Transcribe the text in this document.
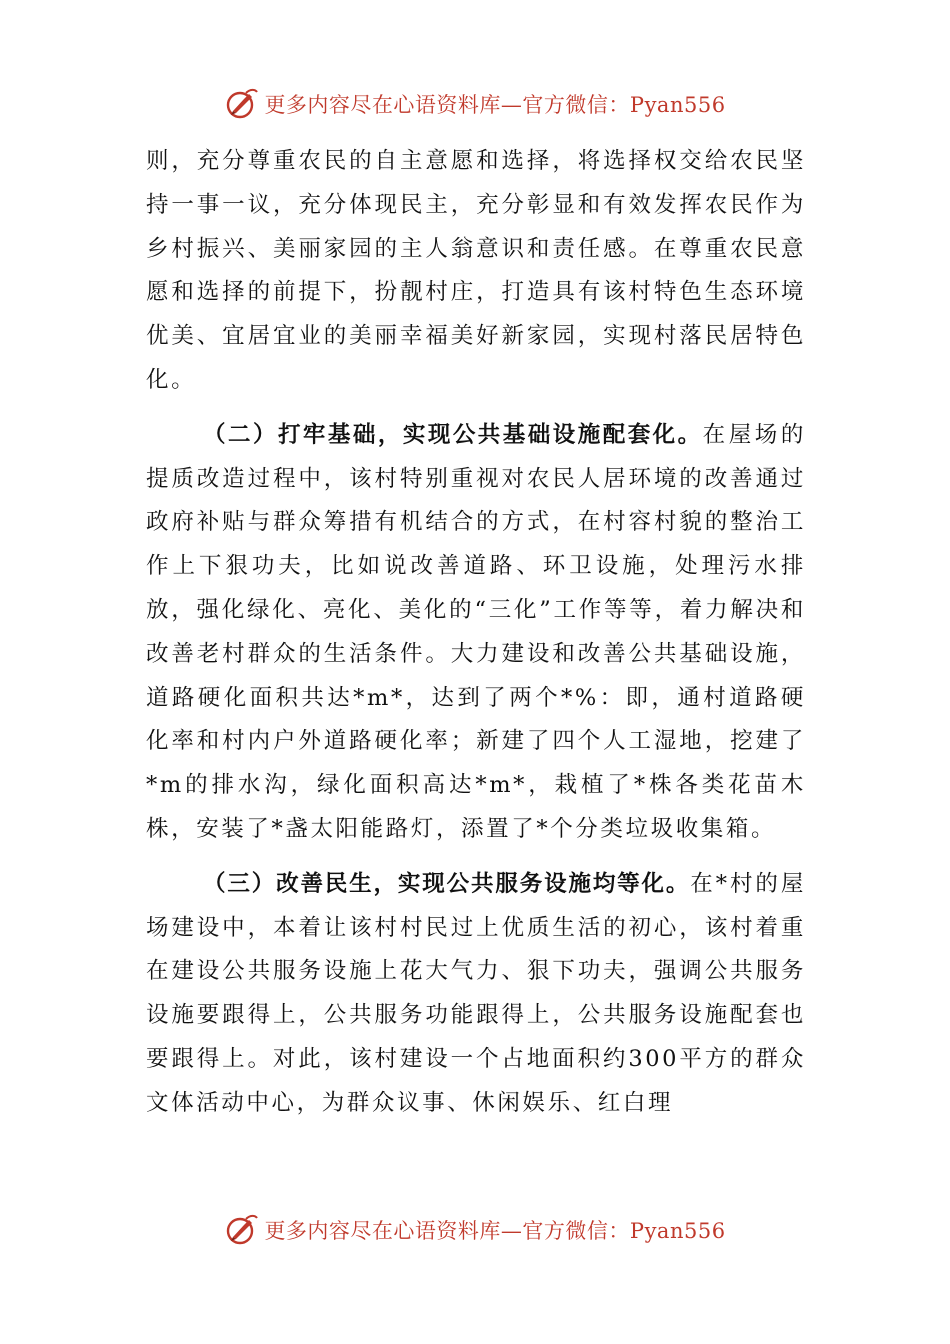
更多内容尽在心语资料库—官方微信：Pyan556

则，充分尊重农民的自主意愿和选择，将选择权交给农民坚持一事一议，充分体现民主，充分彰显和有效发挥农民作为乡村振兴、美丽家园的主人翁意识和责任感。在尊重农民意愿和选择的前提下，扮靓村庄，打造具有该村特色生态环境优美、宜居宜业的美丽幸福美好新家园，实现村落民居特色化。

（二）打牢基础，实现公共基础设施配套化。在屋场的提质改造过程中，该村特别重视对农民人居环境的改善通过政府补贴与群众筹措有机结合的方式，在村容村貌的整治工作上下狠功夫，比如说改善道路、环卫设施，处理污水排放，强化绿化、亮化、美化的“三化”工作等等，着力解决和改善老村群众的生活条件。大力建设和改善公共基础设施，道路硬化面积共达*m*，达到了两个*%：即，通村道路硬化率和村内户外道路硬化率；新建了四个人工湿地，挖建了*m的排水沟，绿化面积高达*m*，栽植了*株各类花苗木株，安装了*盏太阳能路灯，添置了*个分类垃圾收集箱。

（三）改善民生，实现公共服务设施均等化。在*村的屋场建设中，本着让该村村民过上优质生活的初心，该村着重在建设公共服务设施上花大气力、狠下功夫，强调公共服务设施要跟得上，公共服务功能跟得上，公共服务设施配套也要跟得上。对此，该村建设一个占地面积约300平方的群众文体活动中心，为群众议事、休闲娱乐、红白理

更多内容尽在心语资料库—官方微信：Pyan556
